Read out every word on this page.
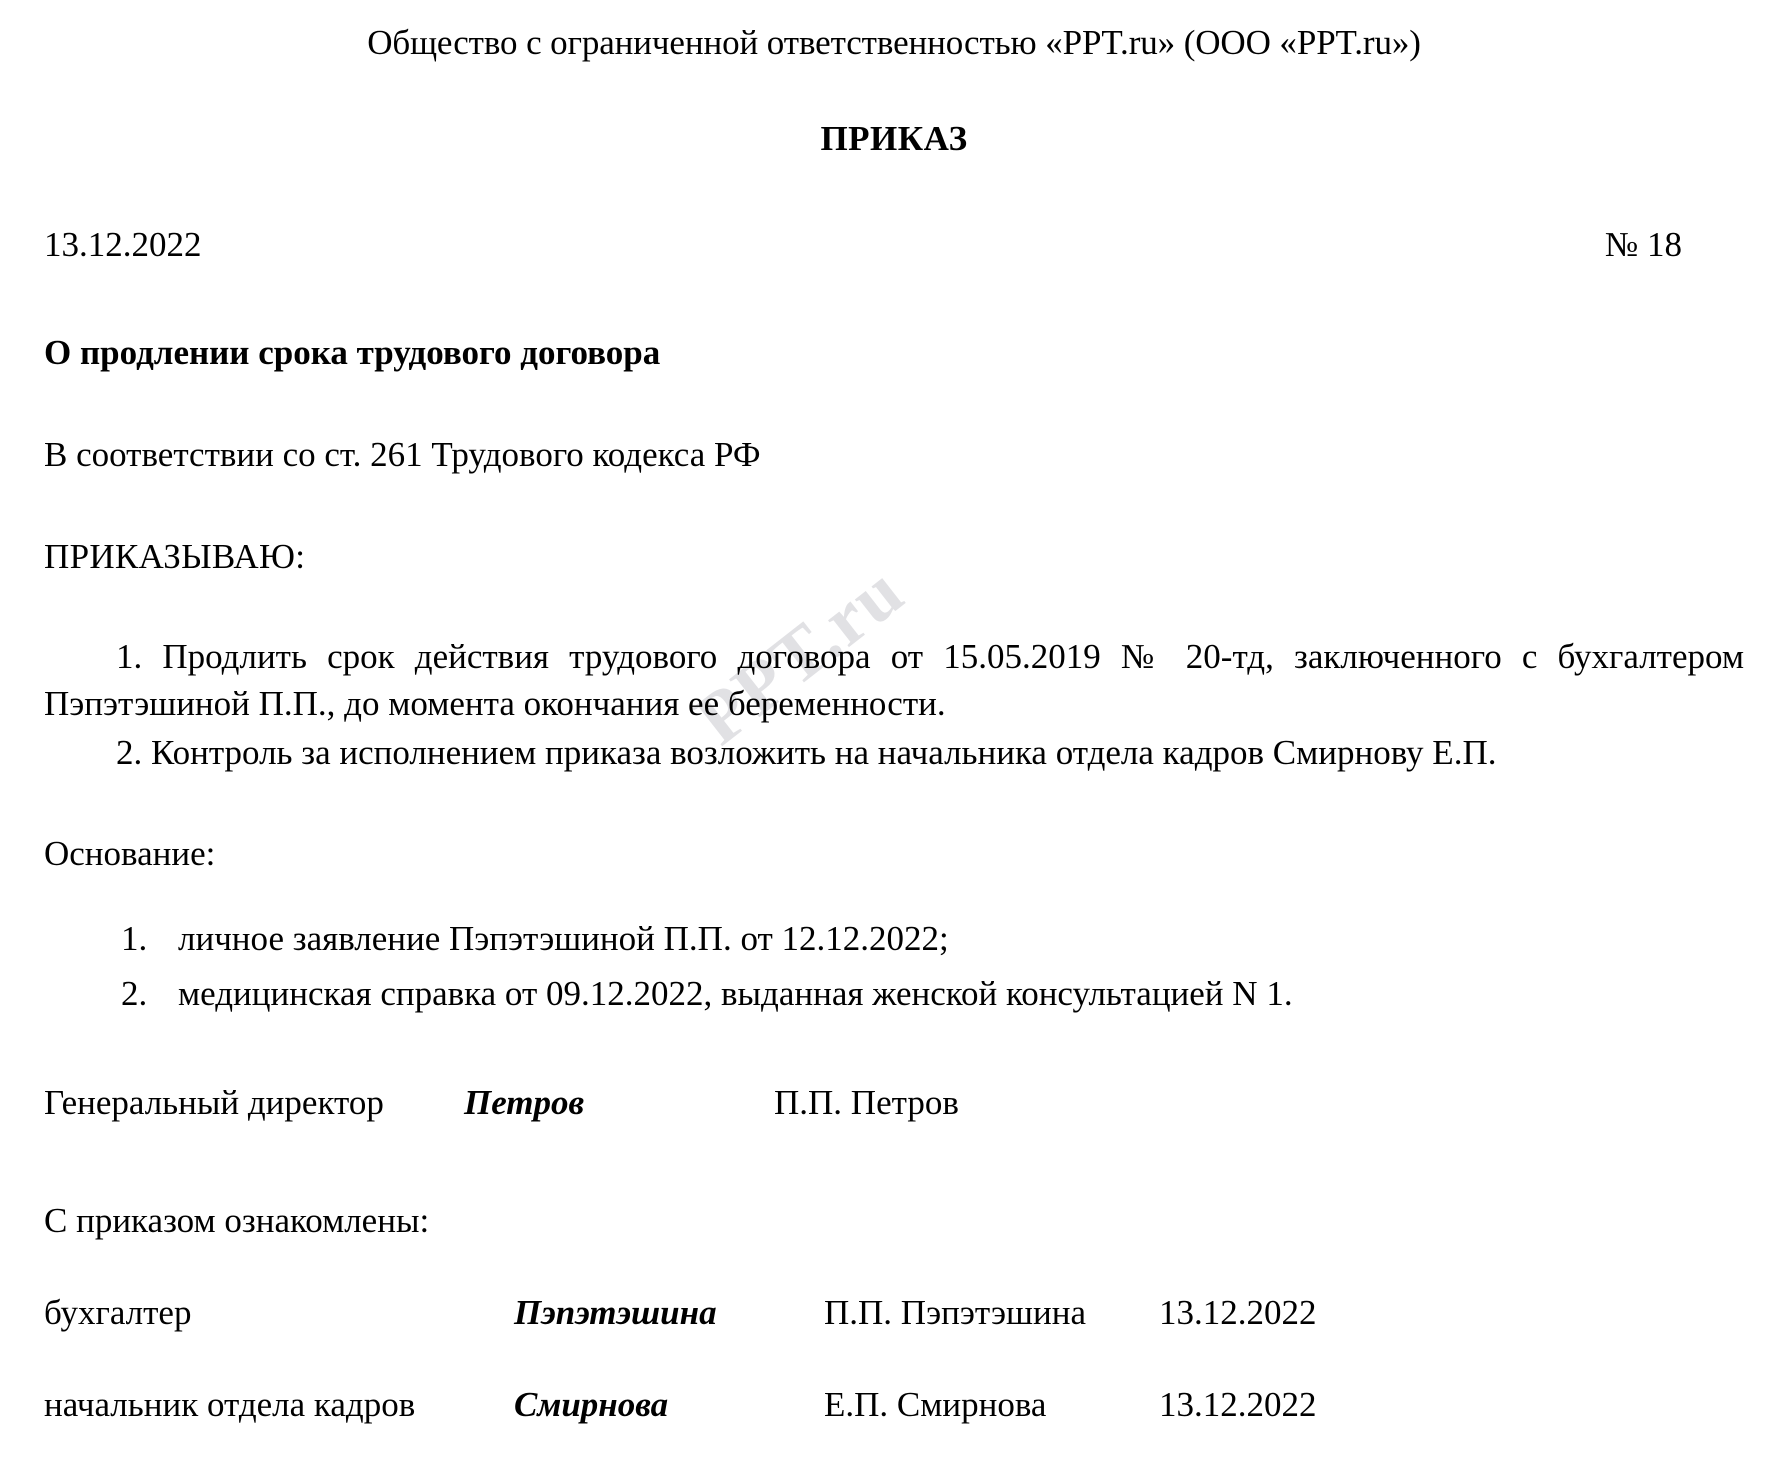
PPT.ru
Общество с ограниченной ответственностью «PPT.ru» (ООО «PPT.ru»)
ПРИКАЗ
13.12.2022	№ 18
О продлении срока трудового договора
В соответствии со ст. 261 Трудового кодекса РФ
ПРИКАЗЫВАЮ:
1. Продлить срок действия трудового договора от 15.05.2019 № 20-тд, заключенного с бухгалтером Пэпэтэшиной П.П., до момента окончания ее беременности.
2. Контроль за исполнением приказа возложить на начальника отдела кадров Смирнову Е.П.
Основание:
1. личное заявление Пэпэтэшиной П.П. от 12.12.2022;
2. медицинская справка от 09.12.2022, выданная женской консультацией N 1.
Генеральный директор	Петров	П.П. Петров
С приказом ознакомлены:
бухгалтер	Пэпэтэшина	П.П. Пэпэтэшина	13.12.2022
начальник отдела кадров	Смирнова	Е.П. Смирнова	13.12.2022
